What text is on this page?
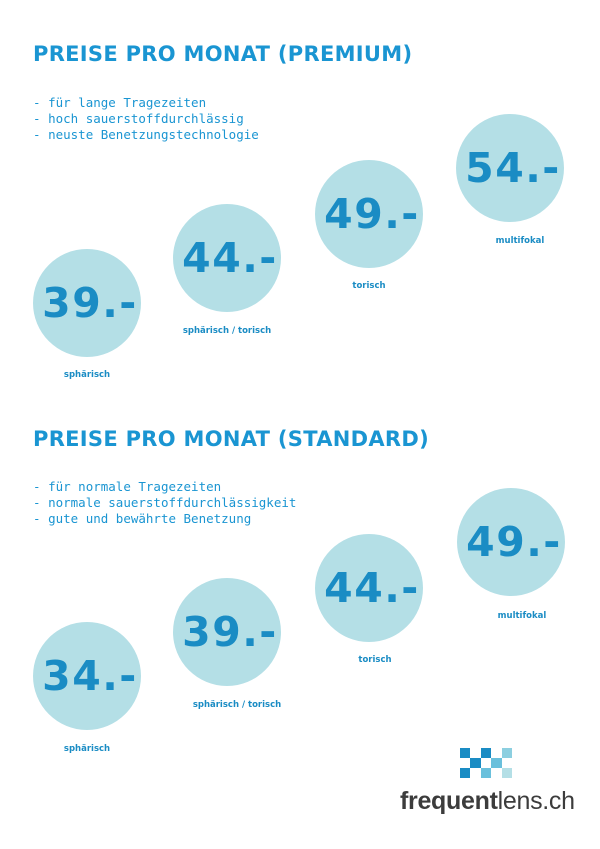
PREISE PRO MONAT (PREMIUM)
- für lange Tragezeiten
- hoch sauerstoffdurchlässig
- neuste Benetzungstechnologie
39.-
sphärisch
44.-
sphärisch / torisch
49.-
torisch
54.-
multifokal
PREISE PRO MONAT (STANDARD)
- für normale Tragezeiten
- normale sauerstoffdurchlässigkeit
- gute und bewährte Benetzung
34.-
sphärisch
39.-
sphärisch / torisch
44.-
torisch
49.-
multifokal
frequentlens.ch
